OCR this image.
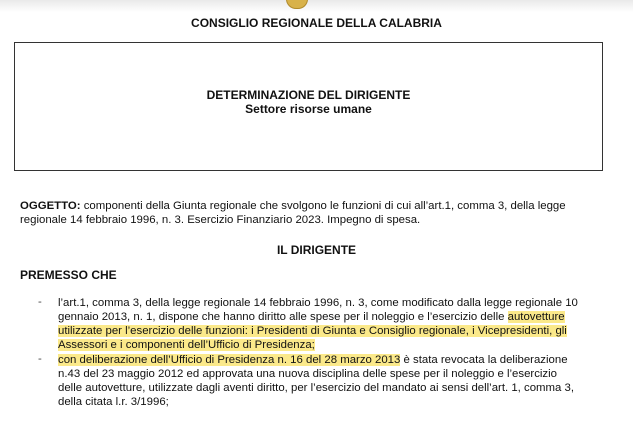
CONSIGLIO REGIONALE DELLA CALABRIA
DETERMINAZIONE DEL DIRIGENTE
Settore risorse umane
OGGETTO: componenti della Giunta regionale che svolgono le funzioni di cui all’art.1, comma 3, della legge regionale 14 febbraio 1996, n. 3. Esercizio Finanziario 2023. Impegno di spesa.
IL DIRIGENTE
PREMESSO CHE
- l’art.1, comma 3, della legge regionale 14 febbraio 1996, n. 3, come modificato dalla legge regionale 10 gennaio 2013, n. 1, dispone che hanno diritto alle spese per il noleggio e l’esercizio delle autovetture utilizzate per l’esercizio delle funzioni: i Presidenti di Giunta e Consiglio regionale, i Vicepresidenti, gli Assessori e i componenti dell’Ufficio di Presidenza;
- con deliberazione dell’Ufficio di Presidenza n. 16 del 28 marzo 2013 è stata revocata la deliberazione n.43 del 23 maggio 2012 ed approvata una nuova disciplina delle spese per il noleggio e l’esercizio delle autovetture, utilizzate dagli aventi diritto, per l’esercizio del mandato ai sensi dell’art. 1, comma 3, della citata l.r. 3/1996;
